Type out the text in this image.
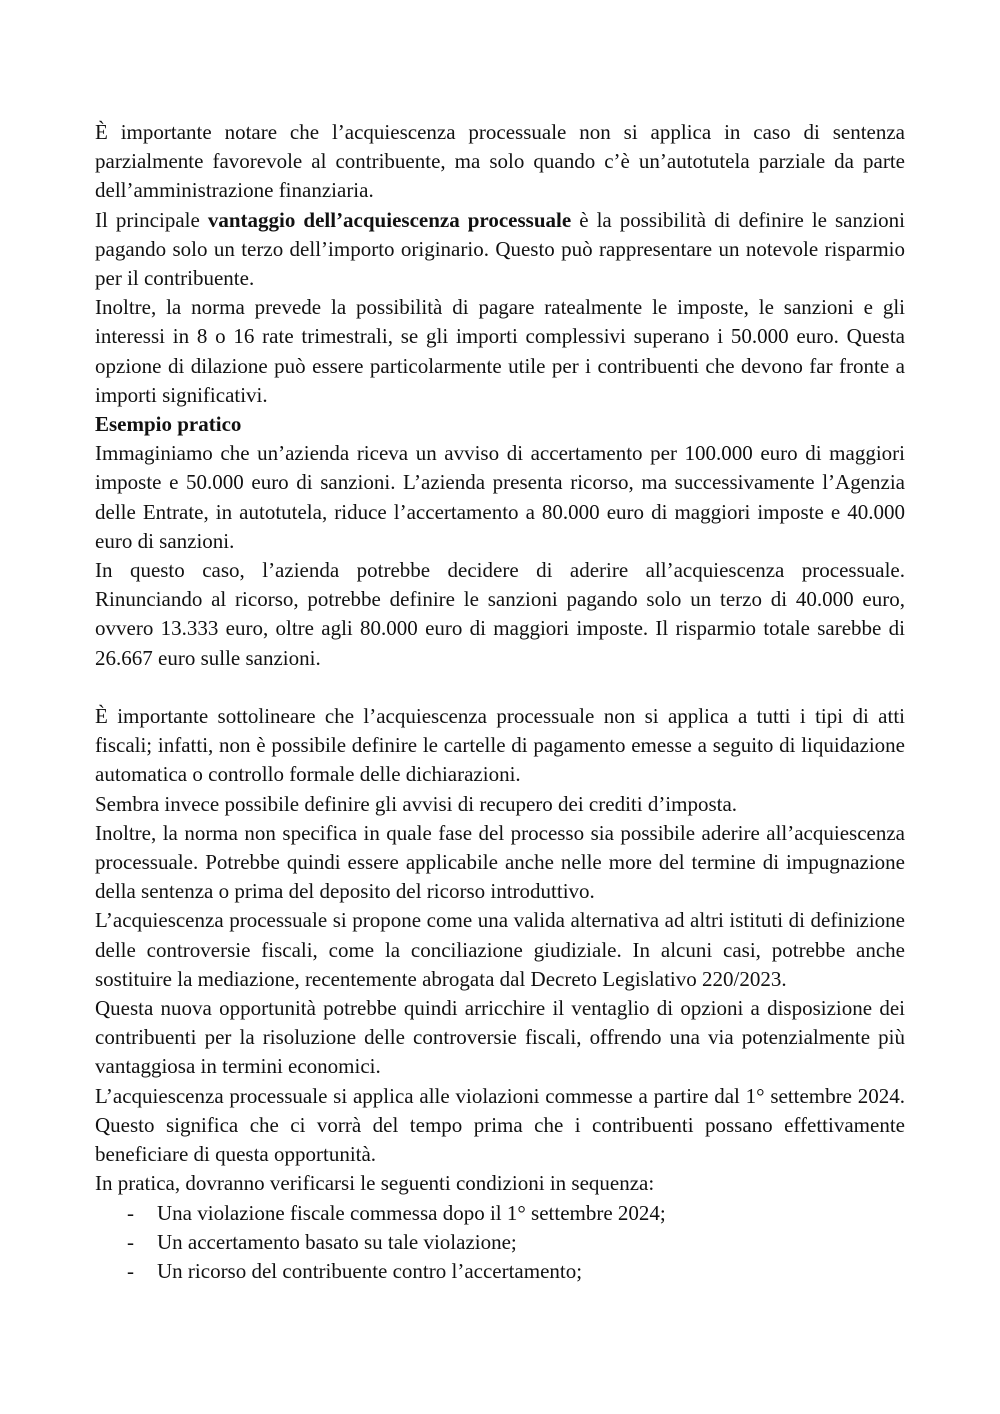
È importante notare che l’acquiescenza processuale non si applica in caso di sentenza parzialmente favorevole al contribuente, ma solo quando c’è un’autotutela parziale da parte dell’amministrazione finanziaria.

Il principale vantaggio dell’acquiescenza processuale è la possibilità di definire le sanzioni pagando solo un terzo dell’importo originario. Questo può rappresentare un notevole risparmio per il contribuente.

Inoltre, la norma prevede la possibilità di pagare ratealmente le imposte, le sanzioni e gli interessi in 8 o 16 rate trimestrali, se gli importi complessivi superano i 50.000 euro. Questa opzione di dilazione può essere particolarmente utile per i contribuenti che devono far fronte a importi significativi.

Esempio pratico

Immaginiamo che un’azienda riceva un avviso di accertamento per 100.000 euro di maggiori imposte e 50.000 euro di sanzioni. L’azienda presenta ricorso, ma successivamente l’Agenzia delle Entrate, in autotutela, riduce l’accertamento a 80.000 euro di maggiori imposte e 40.000 euro di sanzioni.

In questo caso, l’azienda potrebbe decidere di aderire all’acquiescenza processuale. Rinunciando al ricorso, potrebbe definire le sanzioni pagando solo un terzo di 40.000 euro, ovvero 13.333 euro, oltre agli 80.000 euro di maggiori imposte. Il risparmio totale sarebbe di 26.667 euro sulle sanzioni.

È importante sottolineare che l’acquiescenza processuale non si applica a tutti i tipi di atti fiscali; infatti, non è possibile definire le cartelle di pagamento emesse a seguito di liquidazione automatica o controllo formale delle dichiarazioni.

Sembra invece possibile definire gli avvisi di recupero dei crediti d’imposta.

Inoltre, la norma non specifica in quale fase del processo sia possibile aderire all’acquiescenza processuale. Potrebbe quindi essere applicabile anche nelle more del termine di impugnazione della sentenza o prima del deposito del ricorso introduttivo.

L’acquiescenza processuale si propone come una valida alternativa ad altri istituti di definizione delle controversie fiscali, come la conciliazione giudiziale. In alcuni casi, potrebbe anche sostituire la mediazione, recentemente abrogata dal Decreto Legislativo 220/2023.

Questa nuova opportunità potrebbe quindi arricchire il ventaglio di opzioni a disposizione dei contribuenti per la risoluzione delle controversie fiscali, offrendo una via potenzialmente più vantaggiosa in termini economici.

L’acquiescenza processuale si applica alle violazioni commesse a partire dal 1° settembre 2024. Questo significa che ci vorrà del tempo prima che i contribuenti possano effettivamente beneficiare di questa opportunità.

In pratica, dovranno verificarsi le seguenti condizioni in sequenza:

- Una violazione fiscale commessa dopo il 1° settembre 2024;
- Un accertamento basato su tale violazione;
- Un ricorso del contribuente contro l’accertamento;
